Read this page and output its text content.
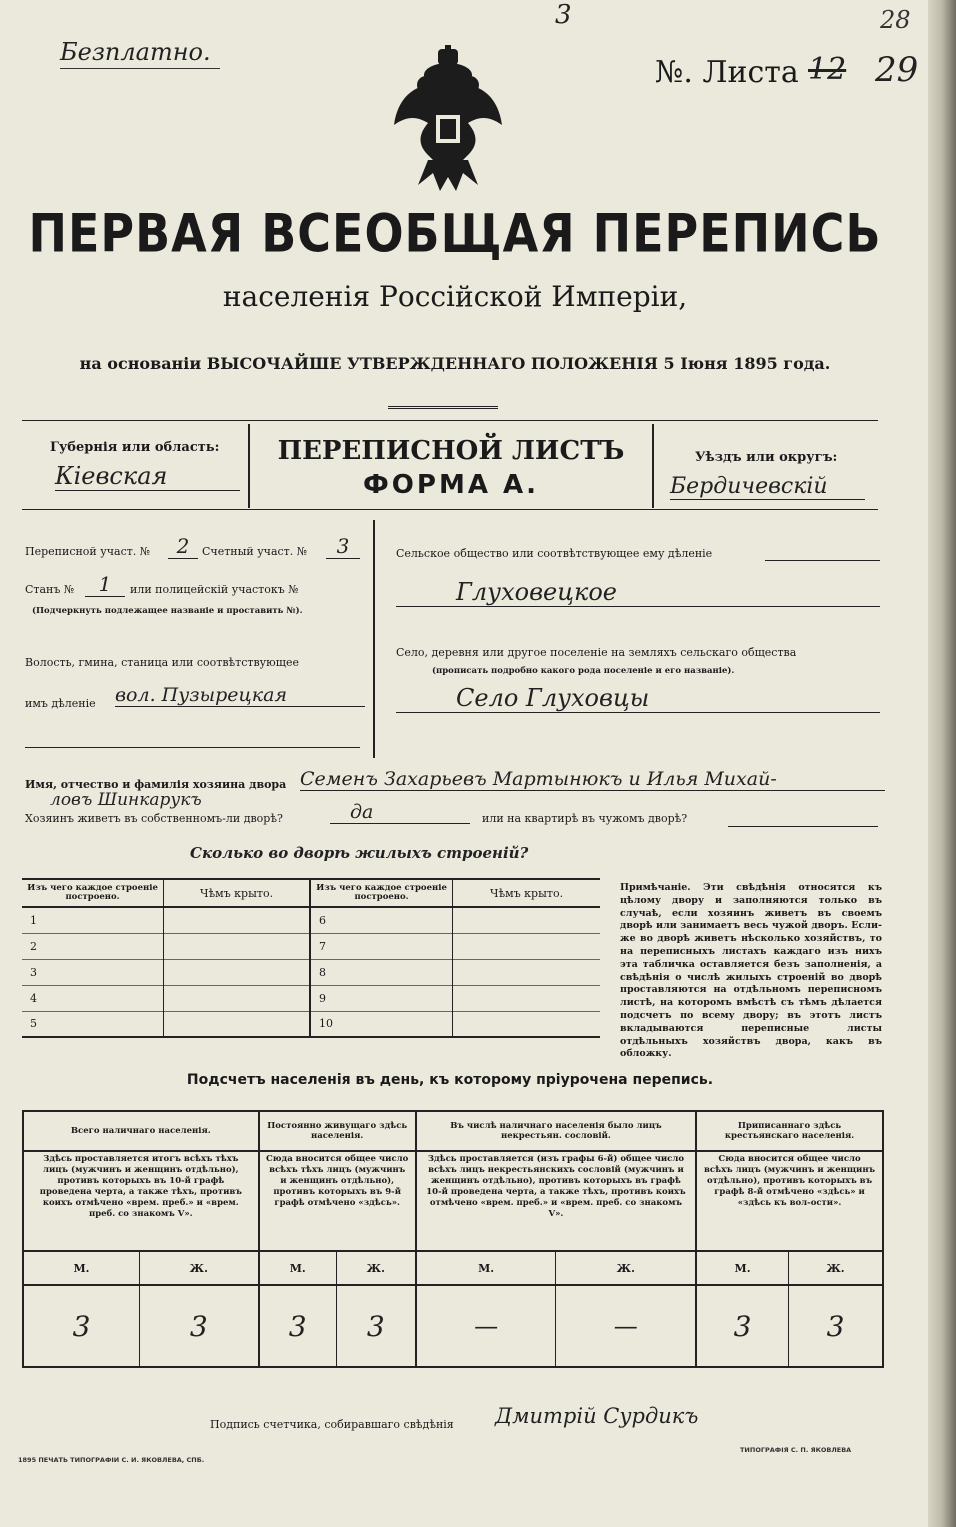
Безплатно.
3	28
№. Листа 12 29
ПЕРВАЯ ВСЕОБЩАЯ ПЕРЕПИСЬ
населенія Россійской Имперіи,
на основаніи ВЫСОЧАЙШЕ УТВЕРЖДЕННАГО ПОЛОЖЕНІЯ 5 Іюня 1895 года.
Губернія или область:
Кіевская
ПЕРЕПИСНОЙ ЛИСТЪ
ФОРМА А.
Уѣздъ или округъ:
Бердичевскій
Переписной участ. №	2	Счетный участ. №	3
Станъ №	1	или полицейскій участокъ №
(Подчеркнуть подлежащее названіе и проставить №).
Волость, гмина, станица или соотвѣтствующее
имъ дѣленіе вол. Пузырецкая
Сельское общество или соотвѣтствующее ему дѣленіе
Глуховецкое
Село, деревня или другое поселеніе на земляхъ сельскаго общества
(прописать подробно какого рода поселеніе и его названіе).
Село Глуховцы
Имя, отчество и фамилія хозяина двора Семенъ Захарьевъ Мартынюкъ и Илья Михай-
ловъ Шинкарукъ
Хозяинъ живетъ въ собственномъ-ли дворѣ?	да	или на квартирѣ въ чужомъ дворѣ?
Сколько во дворѣ жилыхъ строеній?
Изъ чего каждое строеніе построено.	Чѣмъ крыто.	Изъ чего каждое строеніе построено.	Чѣмъ крыто.
1		6	
2		7	
3		8	
4		9	
5		10	
Примѣчаніе. Эти свѣдѣнія относятся къ цѣлому двору и заполняются только въ случаѣ, если хозяинъ живетъ въ своемъ дворѣ или занимаетъ весь чужой дворъ. Если-же во дворѣ живетъ нѣсколько хозяйствъ, то на переписныхъ листахъ каждаго изъ нихъ эта табличка оставляется безъ заполненія, а свѣдѣнія о числѣ жилыхъ строеній во дворѣ проставляются на отдѣльномъ переписномъ листѣ, на которомъ вмѣстѣ съ тѣмъ дѣлается подсчетъ по всему двору; въ этотъ листъ вкладываются переписные листы отдѣльныхъ хозяйствъ двора, какъ въ обложку.
Подсчетъ населенія въ день, къ которому пріурочена перепись.
Всего наличнаго населенія.		Постоянно живущаго здѣсь населенія.		Въ числѣ наличнаго населенія было лицъ некрестьян. сословій.		Приписаннаго здѣсь крестьянскаго населенія.	
Здѣсь проставляется итогъ всѣхъ тѣхъ лицъ (мужчинъ и женщинъ отдѣльно), противъ которыхъ въ 10-й графѣ проведена черта, а также тѣхъ, противъ коихъ отмѣчено «врем. преб.» и «врем. преб. со знакомъ V».		Сюда вносится общее число всѣхъ тѣхъ лицъ (мужчинъ и женщинъ отдѣльно), противъ которыхъ въ 9-й графѣ отмѣчено «здѣсь».		Здѣсь проставляется (изъ графы 6-й) общее число всѣхъ лицъ некрестьянскихъ сословій (мужчинъ и женщинъ отдѣльно), противъ которыхъ въ графѣ 10-й проведена черта, а также тѣхъ, противъ коихъ отмѣчено «врем. преб.» и «врем. преб. со знакомъ V».		Сюда вносится общее число всѣхъ лицъ (мужчинъ и женщинъ отдѣльно), противъ которыхъ въ графѣ 8-й отмѣчено «здѣсь» и «здѣсь къ вол-ости».	
М.	Ж.	М.	Ж.	М.	Ж.	М.	Ж.
3	3	3	3	—	—	3	3
Подпись счетчика, собиравшаго свѣдѣнія Дмитрій Сурдикъ
1895 ПЕЧАТЬ ТИПОГРАФІИ С. И. ЯКОВЛЕВА, СПБ.
ТИПОГРАФІЯ С. П. ЯКОВЛЕВА
